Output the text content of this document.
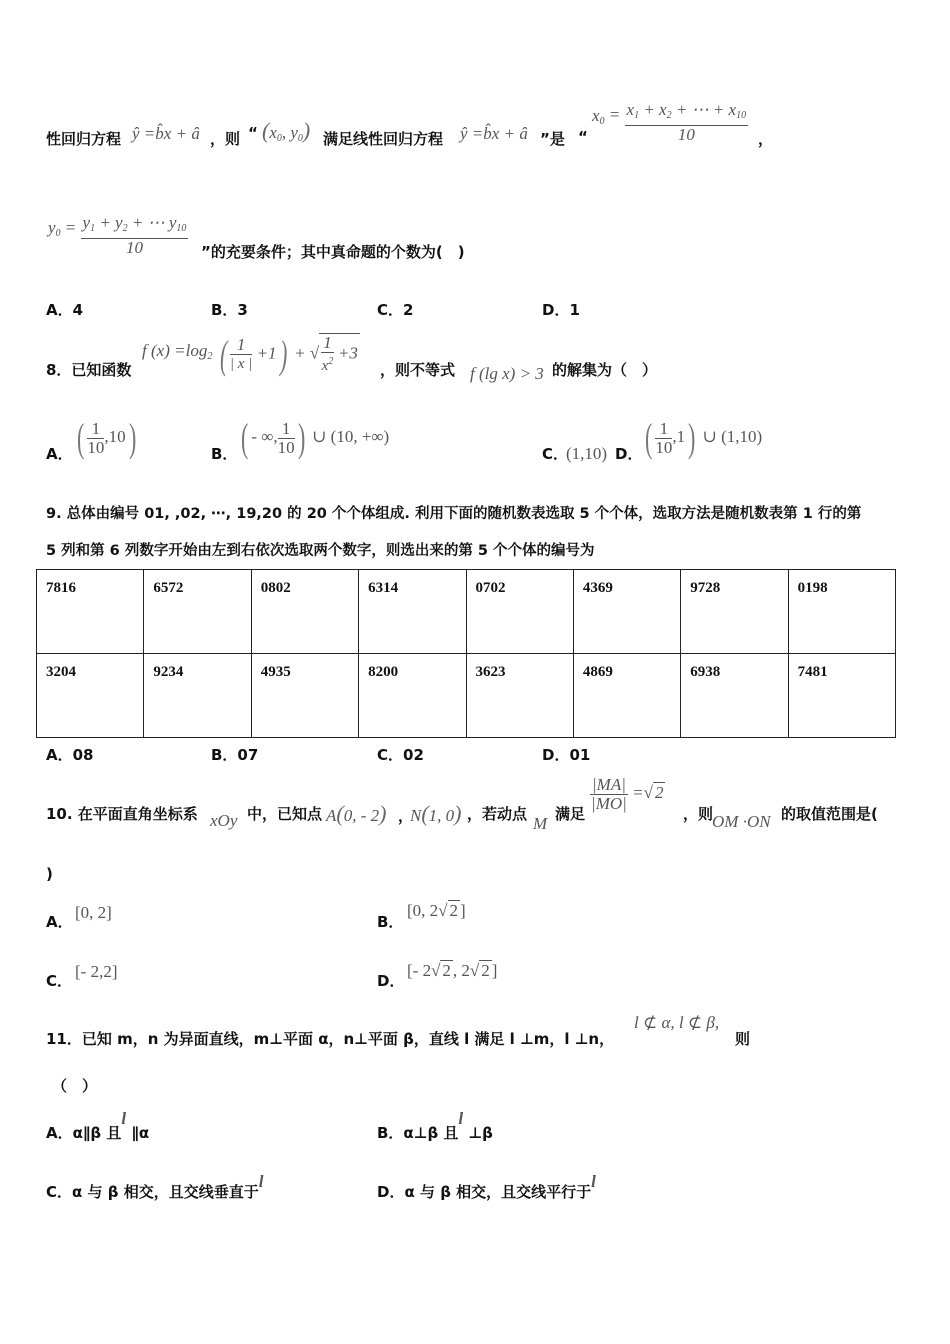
性回归方程 ŷ =b̂x + â ，则 “ ($x_0$, $y_0$) 满足线性回归方程 ŷ =b̂x + â ”是 “
$x_0 = \frac{x_1 + x_2 + \cdots + x_{10}}{10}$ ，
$y_0 = \frac{y_1 + y_2 + \cdots y_{10}}{10}$ ”的充要条件；其中真命题的个数为(　)
A．4	B．3	C．2	D．1
8．已知函数
f $(x) =\log_2$ ( $\frac{1}{| x |} +1$) + √ $\frac{1}{x^2} +3$
，则不等式 f (lg x) > 3 的解集为（　）
A． ( $\frac{1}{10} ,10$)	B． ( - ∞, $\frac{1}{10}$ ) ∪ (10, +∞)
C．
(1,10) D． ( $\frac{1}{10} ,1$) ∪ (1,10)
9. 总体由编号 01, ,02, ⋯, 19,20 的 20 个个体组成. 利用下面的随机数表选取 5 个个体，选取方法是随机数表第 1 行的第
5 列和第 6 列数字开始由左到右依次选取两个数字，则选出来的第 5 个个体的编号为
7816	6572	0802	6314	0702	4369	9728	0198
3204	9234	4935	8200	3623	4869	6938	7481
A．08	B．07	C．02	D．01
10. 在平面直角坐标系 xOy 中，已知点 A(0, - 2) ，
N(1, 0) ，若动点 M 满足
$\frac{|MA|}{|MO|}$ =√ 2
，则
OM ·ON 的取值范围是(
)
A． [0, 2]	B．
[0, 2√ 2 ]
C． [- 2,2]	D．
[- 2√ 2 , 2√ 2 ]
11．已知 m，n 为异面直线，m⊥平面 α，n⊥平面 β，直线 l 满足 l ⊥m，l ⊥n，
l ⊄ α, l ⊄ β,
则
（　）
A．α∥β 且l ∥α	B．α⊥β 且l ⊥β
C．α 与 β 相交，且交线垂直于l
D．α 与 β 相交，且交线平行于l
